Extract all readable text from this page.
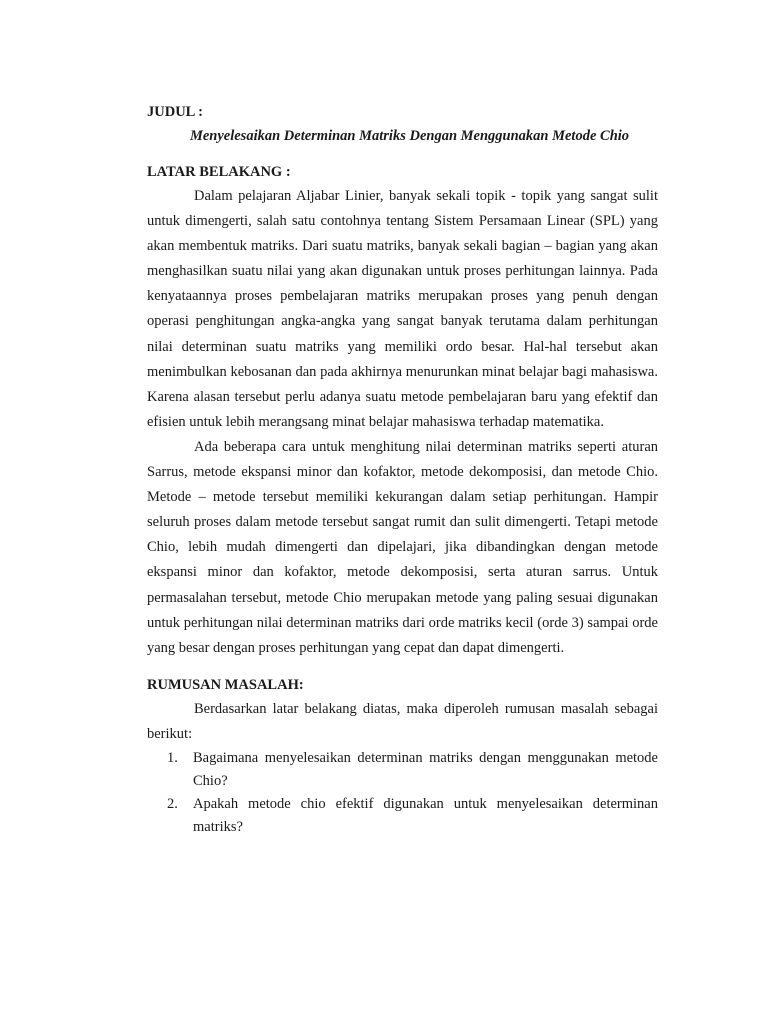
JUDUL :

Menyelesaikan Determinan Matriks Dengan Menggunakan Metode Chio

LATAR BELAKANG :

Dalam pelajaran Aljabar Linier, banyak sekali topik - topik yang sangat sulit untuk dimengerti, salah satu contohnya tentang Sistem Persamaan Linear (SPL) yang akan membentuk matriks. Dari suatu matriks, banyak sekali bagian – bagian yang akan menghasilkan suatu nilai yang akan digunakan untuk proses perhitungan lainnya. Pada kenyataannya proses pembelajaran matriks merupakan proses yang penuh dengan operasi penghitungan angka-angka yang sangat banyak terutama dalam perhitungan nilai determinan suatu matriks yang memiliki ordo besar. Hal-hal tersebut akan menimbulkan kebosanan dan pada akhirnya menurunkan minat belajar bagi mahasiswa. Karena alasan tersebut perlu adanya suatu metode pembelajaran baru yang efektif dan efisien untuk lebih merangsang minat belajar mahasiswa terhadap matematika.

Ada beberapa cara untuk menghitung nilai determinan matriks seperti aturan Sarrus, metode ekspansi minor dan kofaktor, metode dekomposisi, dan metode Chio. Metode – metode tersebut memiliki kekurangan dalam setiap perhitungan. Hampir seluruh proses dalam metode tersebut sangat rumit dan sulit dimengerti. Tetapi metode Chio, lebih mudah dimengerti dan dipelajari, jika dibandingkan dengan metode ekspansi minor dan kofaktor, metode dekomposisi, serta aturan sarrus. Untuk permasalahan tersebut, metode Chio merupakan metode yang paling sesuai digunakan untuk perhitungan nilai determinan matriks dari orde matriks kecil (orde 3) sampai orde yang besar dengan proses perhitungan yang cepat dan dapat dimengerti.

RUMUSAN MASALAH:

Berdasarkan latar belakang diatas, maka diperoleh rumusan masalah sebagai berikut:

1. Bagaimana menyelesaikan determinan matriks dengan menggunakan metode Chio?
2. Apakah metode chio efektif digunakan untuk menyelesaikan determinan matriks?
